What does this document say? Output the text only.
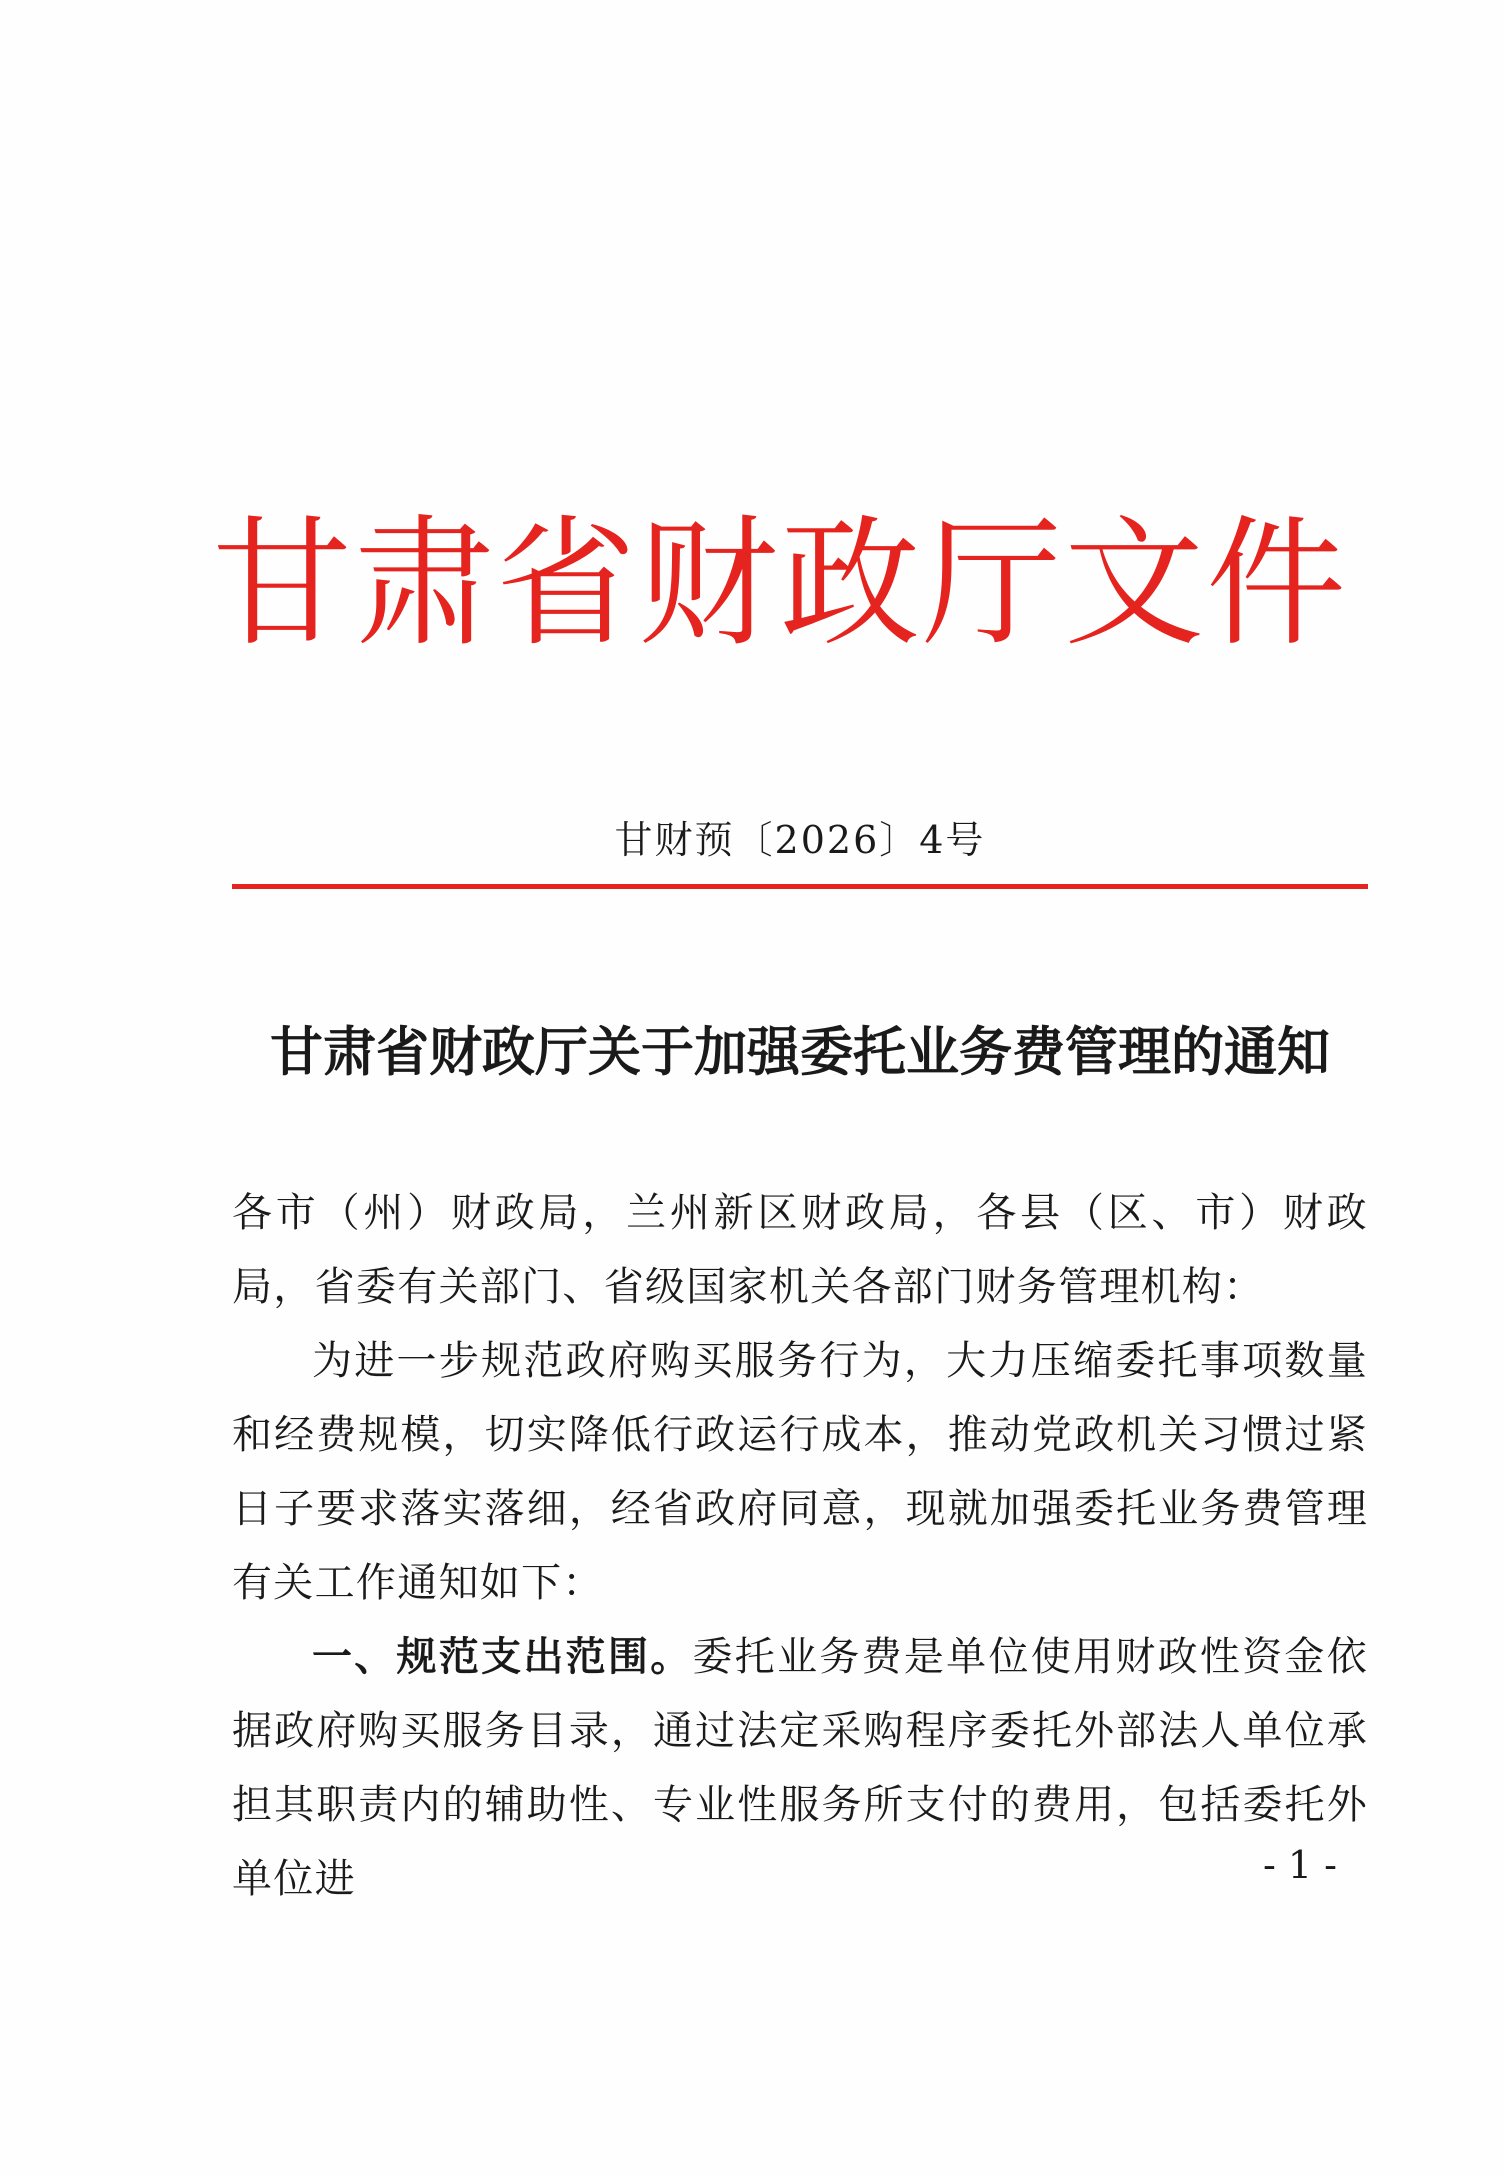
甘肃省财政厅文件
甘财预〔2026〕4号
甘肃省财政厅关于加强委托业务费管理的通知

各市（州）财政局，兰州新区财政局，各县（区、市）财政局，省委有关部门、省级国家机关各部门财务管理机构：

为进一步规范政府购买服务行为，大力压缩委托事项数量和经费规模，切实降低行政运行成本，推动党政机关习惯过紧日子要求落实落细，经省政府同意，现就加强委托业务费管理有关工作通知如下：

一、规范支出范围。委托业务费是单位使用财政性资金依据政府购买服务目录，通过法定采购程序委托外部法人单位承担其职责内的辅助性、专业性服务所支付的费用，包括委托外单位进	- 1 -
